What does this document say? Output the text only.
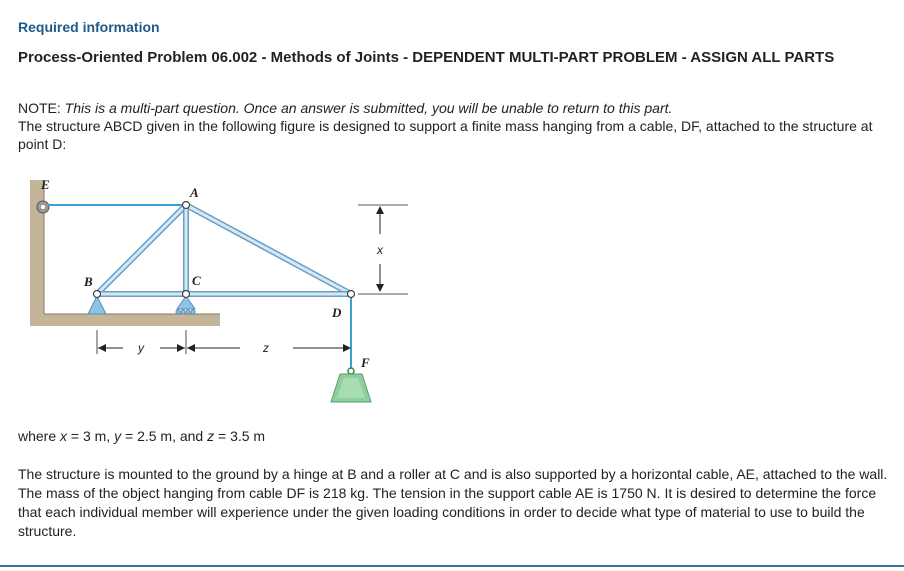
Required information
Process-Oriented Problem 06.002 - Methods of Joints - DEPENDENT MULTI-PART PROBLEM - ASSIGN ALL PARTS
NOTE: This is a multi-part question. Once an answer is submitted, you will be unable to return to this part.
The structure ABCD given in the following figure is designed to support a finite mass hanging from a cable, DF, attached to the structure at point D:
E
A
B	C
D
F
x
y	z
where x = 3 m, y = 2.5 m, and z = 3.5 m
The structure is mounted to the ground by a hinge at B and a roller at C and is also supported by a horizontal cable, AE, attached to the wall. The mass of the object hanging from cable DF is 218 kg. The tension in the support cable AE is 1750 N. It is desired to determine the force that each individual member will experience under the given loading conditions in order to decide what type of material to use to build the structure.
